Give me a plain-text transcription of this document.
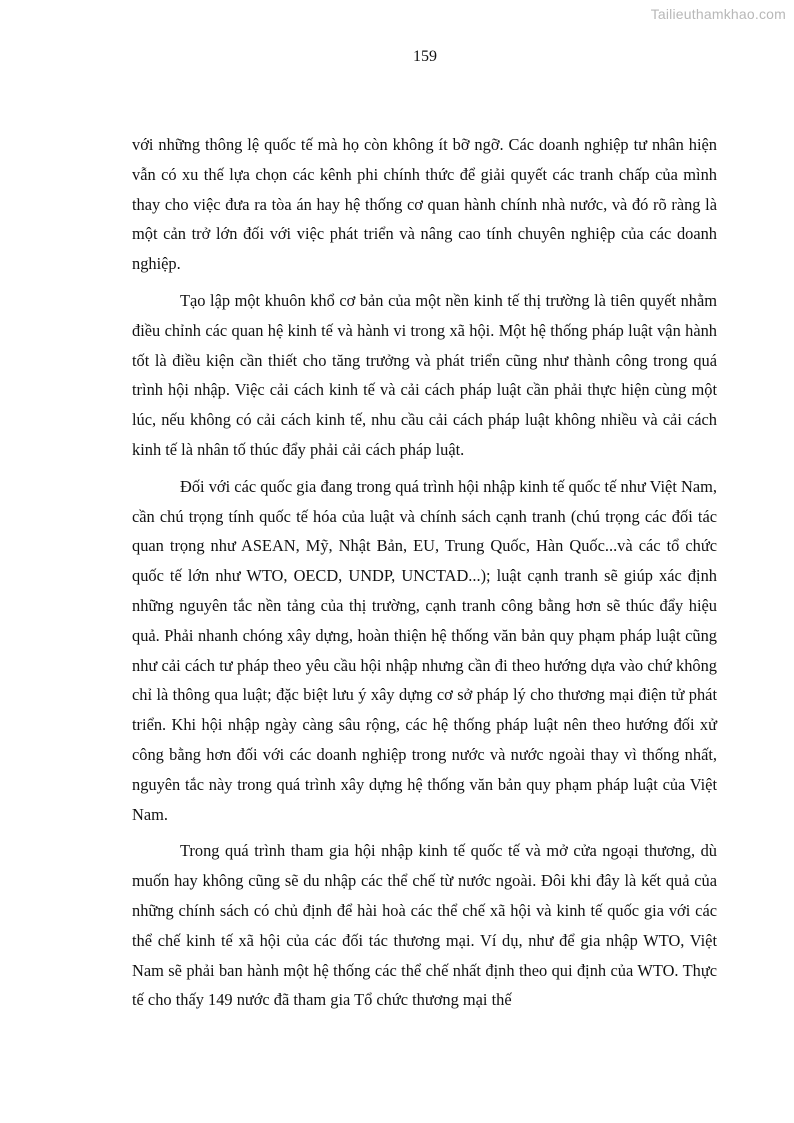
Tailieuthamkhao.com
159

với những thông lệ quốc tế mà họ còn không ít bỡ ngỡ. Các doanh nghiệp tư nhân hiện vẫn có xu thế lựa chọn các kênh phi chính thức để giải quyết các tranh chấp của mình thay cho việc đưa ra tòa án hay hệ thống cơ quan hành chính nhà nước, và đó rõ ràng là một cản trở lớn đối với việc phát triển và nâng cao tính chuyên nghiệp của các doanh nghiệp.

Tạo lập một khuôn khổ cơ bản của một nền kinh tế thị trường là tiên quyết nhằm điều chỉnh các quan hệ kinh tế và hành vi trong xã hội. Một hệ thống pháp luật vận hành tốt là điều kiện cần thiết cho tăng trưởng và phát triển cũng như thành công trong quá trình hội nhập. Việc cải cách kinh tế và cải cách pháp luật cần phải thực hiện cùng một lúc, nếu không có cải cách kinh tế, nhu cầu cải cách pháp luật không nhiều và cải cách kinh tế là nhân tố thúc đẩy phải cải cách pháp luật.

Đối với các quốc gia đang trong quá trình hội nhập kinh tế quốc tế như Việt Nam, cần chú trọng tính quốc tế hóa của luật và chính sách cạnh tranh (chú trọng các đối tác quan trọng như ASEAN, Mỹ, Nhật Bản, EU, Trung Quốc, Hàn Quốc...và các tổ chức quốc tế lớn như WTO, OECD, UNDP, UNCTAD...); luật cạnh tranh sẽ giúp xác định những nguyên tắc nền tảng của thị trường, cạnh tranh công bằng hơn sẽ thúc đẩy hiệu quả. Phải nhanh chóng xây dựng, hoàn thiện hệ thống văn bản quy phạm pháp luật cũng như cải cách tư pháp theo yêu cầu hội nhập nhưng cần đi theo hướng dựa vào chứ không chỉ là thông qua luật; đặc biệt lưu ý xây dựng cơ sở pháp lý cho thương mại điện tử phát triển. Khi hội nhập ngày càng sâu rộng, các hệ thống pháp luật nên theo hướng đối xử công bằng hơn đối với các doanh nghiệp trong nước và nước ngoài thay vì thống nhất, nguyên tắc này trong quá trình xây dựng hệ thống văn bản quy phạm pháp luật của Việt Nam.

Trong quá trình tham gia hội nhập kinh tế quốc tế và mở cửa ngoại thương, dù muốn hay không cũng sẽ du nhập các thể chế từ nước ngoài. Đôi khi đây là kết quả của những chính sách có chủ định để hài hoà các thể chế xã hội và kinh tế quốc gia với các thể chế kinh tế xã hội của các đối tác thương mại. Ví dụ, như để gia nhập WTO, Việt Nam sẽ phải ban hành một hệ thống các thể chế nhất định theo qui định của WTO. Thực tế cho thấy 149 nước đã tham gia Tổ chức thương mại thế
